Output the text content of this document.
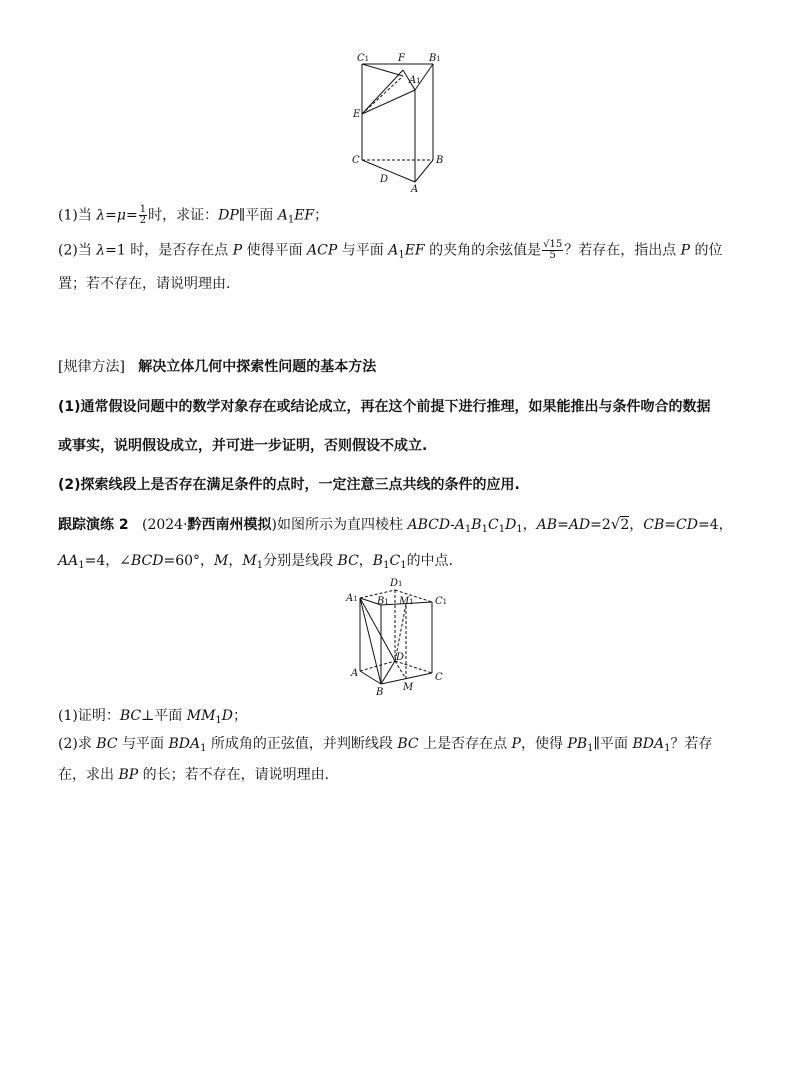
C1	F B1
A1
E
C	B
D
A
(1)当 $\lambda=\mu= \frac{1}{2}$ 时，求证：DP∥平面 $A_1EF$；
(2)当 λ=1 时，是否存在点 P 使得平面 ACP 与平面 $A_1EF$ 的夹角的余弦值是 $\frac{√15}{5}$ ？若存在，指出点 P 的位
置；若不存在，请说明理由.
[规律方法] 解决立体几何中探索性问题的基本方法
(1)通常假设问题中的数学对象存在或结论成立，再在这个前提下进行推理，如果能推出与条件吻合的数据
或事实，说明假设成立，并可进一步证明，否则假设不成立.
(2)探索线段上是否存在满足条件的点时，一定注意三点共线的条件的应用.
跟踪演练 2 (2024·黔西南州模拟)如图所示为直四棱柱 ABCD-$A_1B_1C_1D_1$，AB=AD=2√2，CB=CD=4，
$AA_1=4$，∠BCD=60°，M，$M_1$分别是线段 BC，$B_1C_1$的中点.
D1
A1 B1 M1 C1
D
A
B M
C
(1)证明：BC⊥平面 $MM_1D$；
(2)求 BC 与平面 $BDA_1$ 所成角的正弦值，并判断线段 BC 上是否存在点 P，使得 $PB_1\parallel$平面 $BDA_1$？若存
在，求出 BP 的长；若不存在，请说明理由.
